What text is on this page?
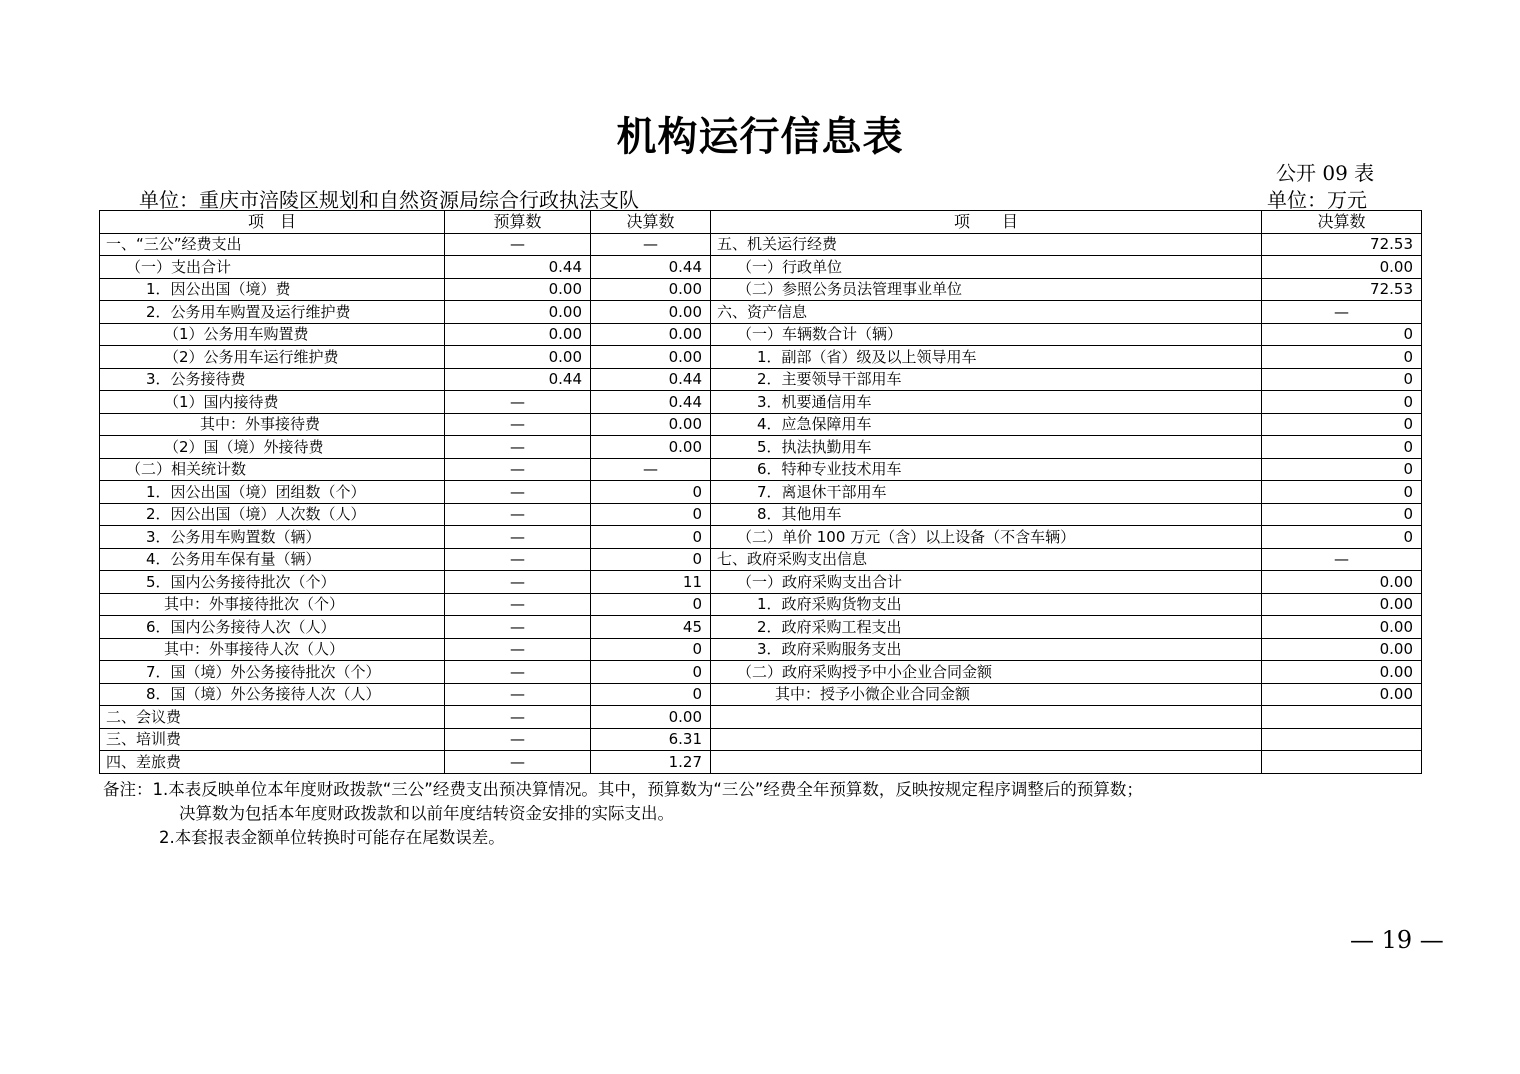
机构运行信息表
公开 09 表
单位：重庆市涪陵区规划和自然资源局综合行政执法支队	单位：万元
项　目	预算数	决算数	项　　目	决算数
一、“三公”经费支出	—	—	五、机关运行经费	72.53
（一）支出合计	0.44	0.44	（一）行政单位	0.00
1．因公出国（境）费	0.00	0.00	（二）参照公务员法管理事业单位	72.53
2．公务用车购置及运行维护费	0.00	0.00	六、资产信息	—
（1）公务用车购置费	0.00	0.00	（一）车辆数合计（辆）	0
（2）公务用车运行维护费	0.00	0.00	1．副部（省）级及以上领导用车	0
3．公务接待费	0.44	0.44	2．主要领导干部用车	0
（1）国内接待费	—	0.44	3．机要通信用车	0
其中：外事接待费	—	0.00	4．应急保障用车	0
（2）国（境）外接待费	—	0.00	5．执法执勤用车	0
（二）相关统计数	—	—	6．特种专业技术用车	0
1．因公出国（境）团组数（个）	—	0	7．离退休干部用车	0
2．因公出国（境）人次数（人）	—	0	8．其他用车	0
3．公务用车购置数（辆）	—	0	（二）单价 100 万元（含）以上设备（不含车辆）	0
4．公务用车保有量（辆）	—	0	七、政府采购支出信息	—
5．国内公务接待批次（个）	—	11	（一）政府采购支出合计	0.00
其中：外事接待批次（个）	—	0	1．政府采购货物支出	0.00
6．国内公务接待人次（人）	—	45	2．政府采购工程支出	0.00
其中：外事接待人次（人）	—	0	3．政府采购服务支出	0.00
7．国（境）外公务接待批次（个）	—	0	（二）政府采购授予中小企业合同金额	0.00
8．国（境）外公务接待人次（人）	—	0	其中：授予小微企业合同金额	0.00
二、会议费	—	0.00		
三、培训费	—	6.31		
四、差旅费	—	1.27		
备注：1.本表反映单位本年度财政拨款“三公”经费支出预决算情况。其中，预算数为“三公”经费全年预算数，反映按规定程序调整后的预算数；
决算数为包括本年度财政拨款和以前年度结转资金安排的实际支出。
2.本套报表金额单位转换时可能存在尾数误差。
— 19 —
